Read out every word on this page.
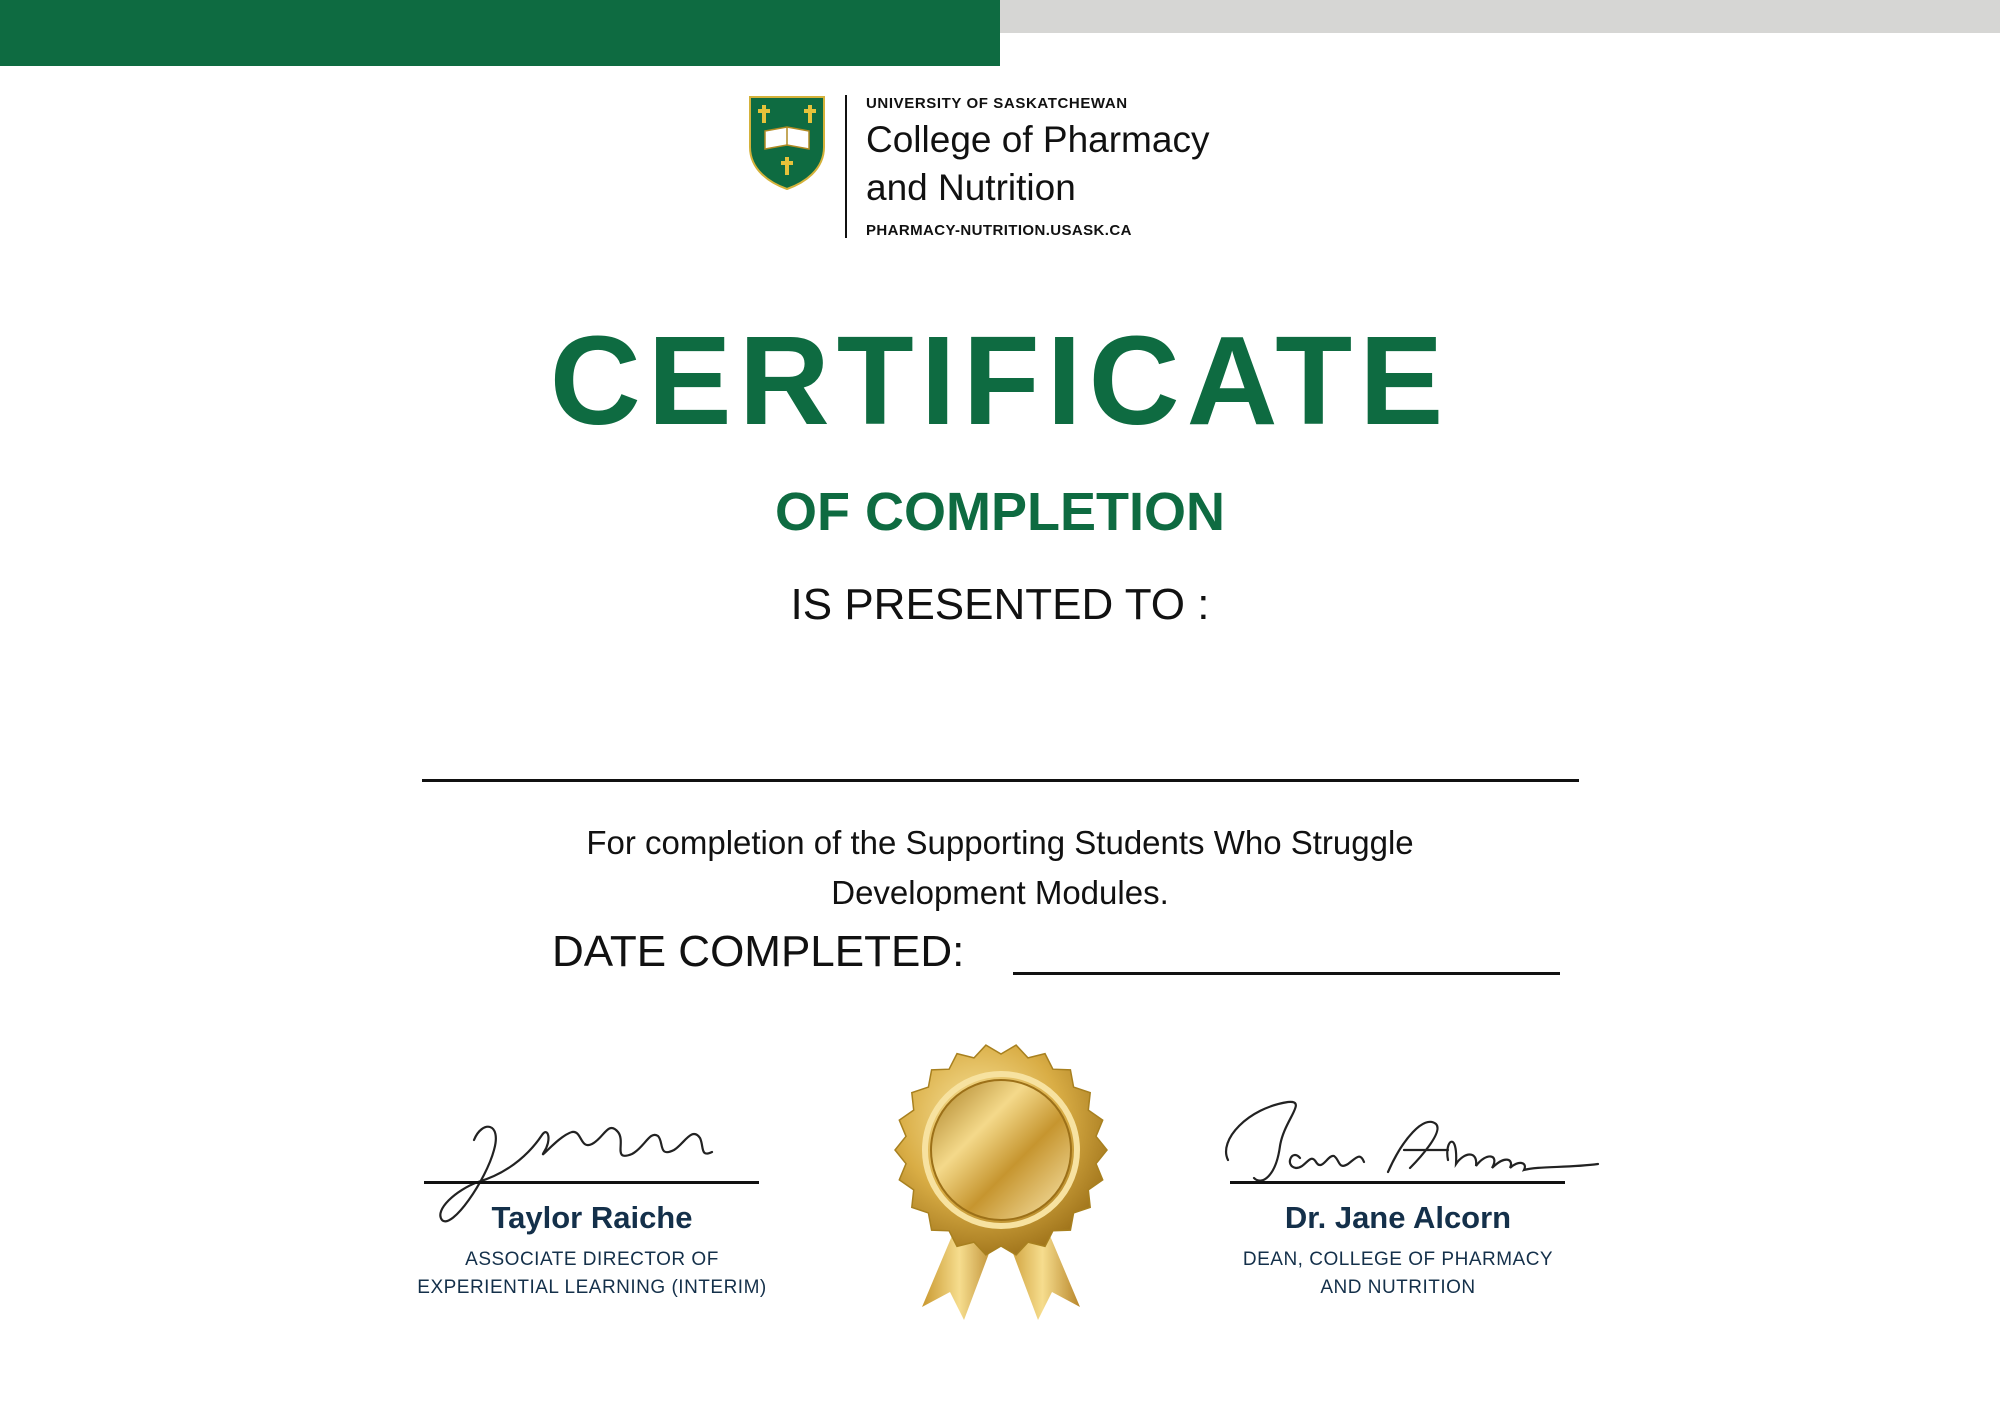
UNIVERSITY OF SASKATCHEWAN
College of Pharmacy
and Nutrition
PHARMACY-NUTRITION.USASK.CA
CERTIFICATE
OF COMPLETION
IS PRESENTED TO :
For completion of the Supporting Students Who Struggle
Development Modules.
DATE COMPLETED:
Taylor Raiche
ASSOCIATE DIRECTOR OF
EXPERIENTIAL LEARNING (INTERIM)
Dr. Jane Alcorn
DEAN, COLLEGE OF PHARMACY
AND NUTRITION
